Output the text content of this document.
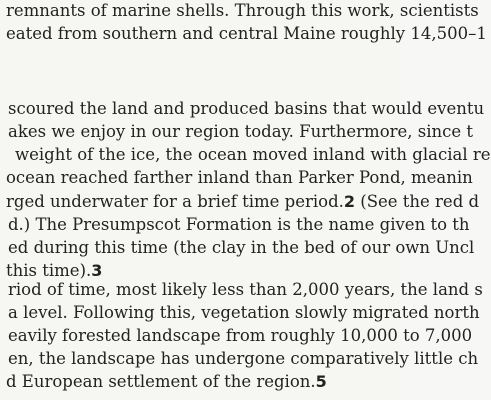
remnants of marine shells. Through this work, scientists
eated from southern and central Maine roughly 14,500–1
scoured the land and produced basins that would eventu
akes we enjoy in our region today. Furthermore, since t
weight of the ice, the ocean moved inland with glacial re
ocean reached farther inland than Parker Pond, meanin
rged underwater for a brief time period.2 (See the red d
d.) The Presumpscot Formation is the name given to th
ed during this time (the clay in the bed of our own Uncl
this time).3
riod of time, most likely less than 2,000 years, the land s
a level. Following this, vegetation slowly migrated north
eavily forested landscape from roughly 10,000 to 7,000
en, the landscape has undergone comparatively little ch
d European settlement of the region.5
